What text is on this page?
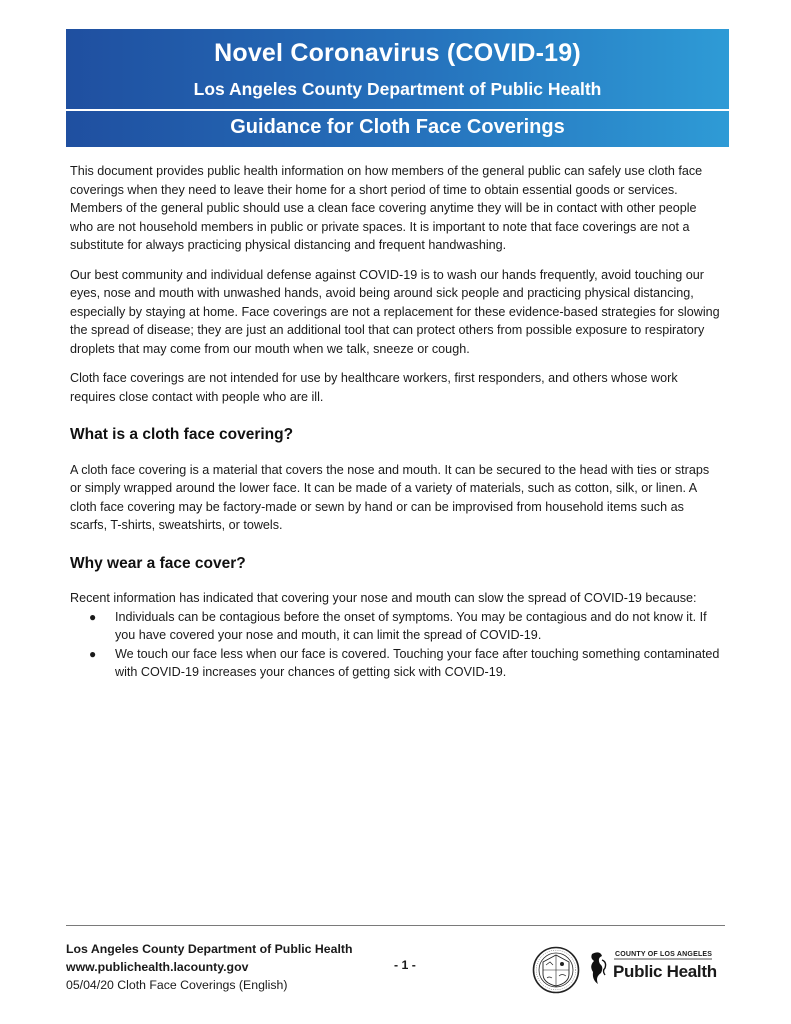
Novel Coronavirus (COVID-19)
Los Angeles County Department of Public Health
Guidance for Cloth Face Coverings

This document provides public health information on how members of the general public can safely use cloth face coverings when they need to leave their home for a short period of time to obtain essential goods or services. Members of the general public should use a clean face covering anytime they will be in contact with other people who are not household members in public or private spaces. It is important to note that face coverings are not a substitute for always practicing physical distancing and frequent handwashing.

Our best community and individual defense against COVID-19 is to wash our hands frequently, avoid touching our eyes, nose and mouth with unwashed hands, avoid being around sick people and practicing physical distancing, especially by staying at home. Face coverings are not a replacement for these evidence-based strategies for slowing the spread of disease; they are just an additional tool that can protect others from possible exposure to respiratory droplets that may come from our mouth when we talk, sneeze or cough.

Cloth face coverings are not intended for use by healthcare workers, first responders, and others whose work requires close contact with people who are ill.

What is a cloth face covering?

A cloth face covering is a material that covers the nose and mouth. It can be secured to the head with ties or straps or simply wrapped around the lower face. It can be made of a variety of materials, such as cotton, silk, or linen. A cloth face covering may be factory-made or sewn by hand or can be improvised from household items such as scarfs, T-shirts, sweatshirts, or towels.

Why wear a face cover?

Recent information has indicated that covering your nose and mouth can slow the spread of COVID-19 because:

● Individuals can be contagious before the onset of symptoms. You may be contagious and do not know it. If you have covered your nose and mouth, it can limit the spread of COVID-19.
● We touch our face less when our face is covered. Touching your face after touching something contaminated with COVID-19 increases your chances of getting sick with COVID-19.
Los Angeles County Department of Public Health
www.publichealth.lacounty.gov
05/04/20 Cloth Face Coverings (English)
- 1 -
COUNTY OF LOS ANGELES
Public Health
